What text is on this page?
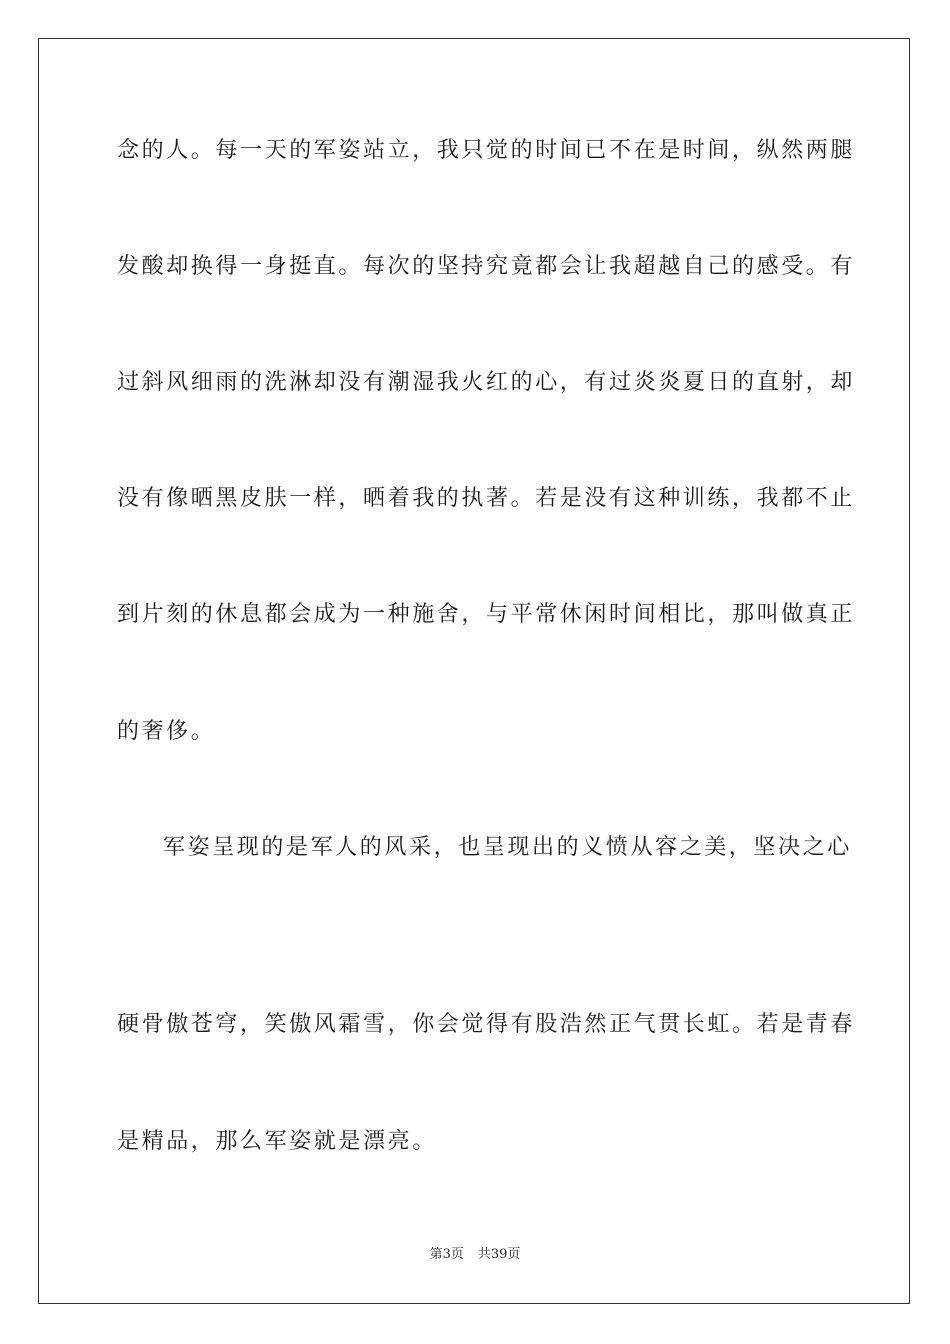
念的人。每一天的军姿站立，我只觉的时间已不在是时间，纵然两腿
发酸却换得一身挺直。每次的坚持究竟都会让我超越自己的感受。有
过斜风细雨的洗淋却没有潮湿我火红的心，有过炎炎夏日的直射，却
没有像晒黑皮肤一样，晒着我的执著。若是没有这种训练，我都不止
到片刻的休息都会成为一种施舍，与平常休闲时间相比，那叫做真正
的奢侈。
军姿呈现的是军人的风采，也呈现出的义愤从容之美，坚决之心
硬骨傲苍穹，笑傲风霜雪，你会觉得有股浩然正气贯长虹。若是青春
是精品，那么军姿就是漂亮。
第3页 共39页
